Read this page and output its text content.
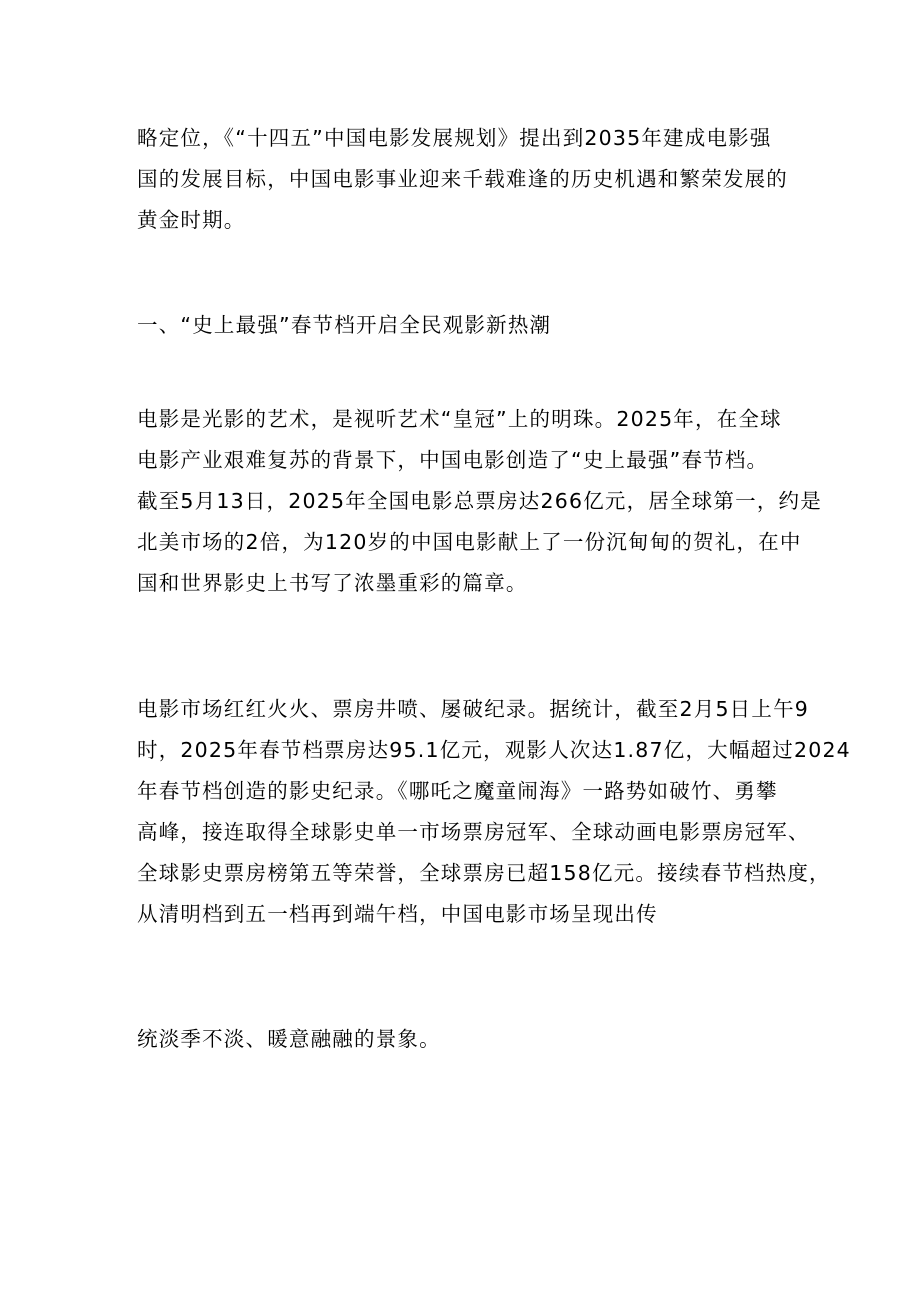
略定位，《“十四五”中国电影发展规划》提出到2035年建成电影强
国的发展目标，中国电影事业迎来千载难逢的历史机遇和繁荣发展的
黄金时期。
一、“史上最强”春节档开启全民观影新热潮
电影是光影的艺术，是视听艺术“皇冠”上的明珠。2025年，在全球
电影产业艰难复苏的背景下，中国电影创造了“史上最强”春节档。
截至5月13日，2025年全国电影总票房达266亿元，居全球第一，约是
北美市场的2倍，为120岁的中国电影献上了一份沉甸甸的贺礼，在中
国和世界影史上书写了浓墨重彩的篇章。
电影市场红红火火、票房井喷、屡破纪录。据统计，截至2月5日上午9
时，2025年春节档票房达95.1亿元，观影人次达1.87亿，大幅超过2024
年春节档创造的影史纪录。《哪吒之魔童闹海》一路势如破竹、勇攀
高峰，接连取得全球影史单一市场票房冠军、全球动画电影票房冠军、
全球影史票房榜第五等荣誉，全球票房已超158亿元。接续春节档热度，
从清明档到五一档再到端午档，中国电影市场呈现出传
统淡季不淡、暖意融融的景象。
